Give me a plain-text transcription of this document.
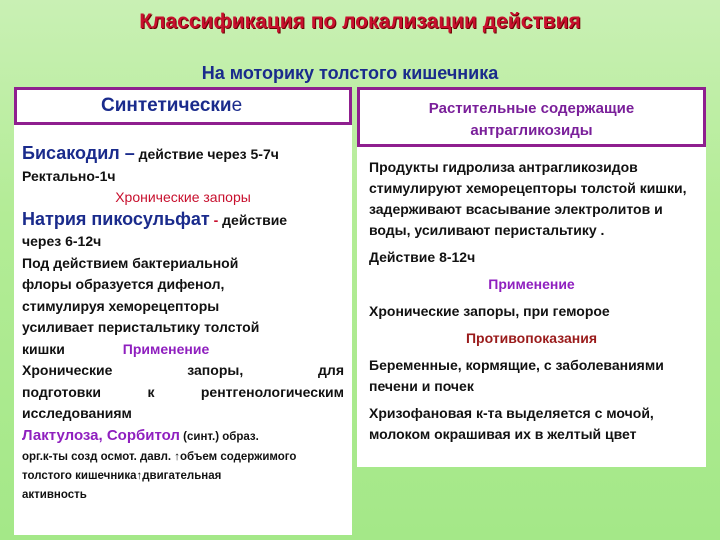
Классификация по локализации действия
На моторику толстого кишечника
Синтетические	Растительные содержащие
антрагликозиды
Бисакодил – действие через 5-7ч
Ректально-1ч
Хронические запоры
Натрия пикосульфат - действие
через 6-12ч
Под действием бактериальной
флоры образуется дифенол,
стимулируя хеморецепторы
усиливает перистальтику толстой
кишки	Применение
Хронические запоры, для
подготовки к рентгенологическим
исследованиям
Лактулоза, Сорбитол (синт.) образ.
орг.к-ты созд осмот. давл. ↑объем содержимого
толстого кишечника↑двигательная
активность
Продукты гидролиза антрагликозидов стимулируют хеморецепторы толстой кишки, задерживают всасывание электролитов и воды, усиливают перистальтику .
Действие 8-12ч
Применение
Хронические запоры, при геморое
Противопоказания
Беременные, кормящие, с заболеваниями печени и почек
Хризофановая к-та выделяется с мочой, молоком окрашивая их в желтый цвет
